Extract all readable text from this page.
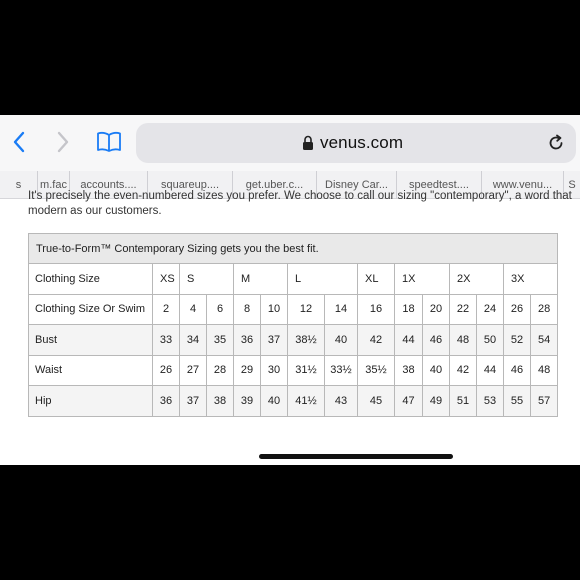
venus.com
s	m.fac	accounts....	squareup....	get.uber.c...	Disney Car...	speedtest....	www.venu...	S
It's precisely the even-numbered sizes you prefer. We choose to call our sizing "contemporary", a word that
modern as our customers.
True-to-Form™ Contemporary Sizing gets you the best fit.														
Clothing Size	XS	S		M		L		XL	1X		2X		3X	
Clothing Size Or Swim	2	4	6	8	10	12	14	16	18	20	22	24	26	28
Bust	33	34	35	36	37	38½	40	42	44	46	48	50	52	54
Waist	26	27	28	29	30	31½	33½	35½	38	40	42	44	46	48
Hip	36	37	38	39	40	41½	43	45	47	49	51	53	55	57
